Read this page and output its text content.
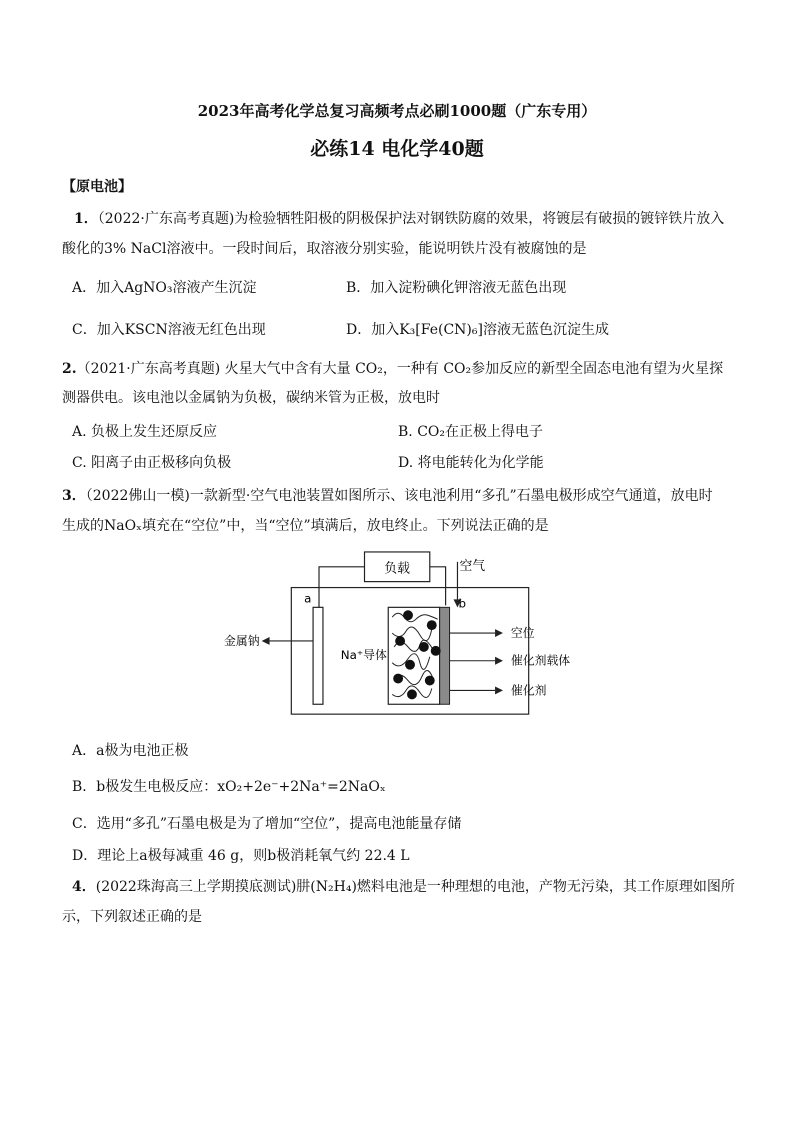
2023年高考化学总复习高频考点必刷1000题（广东专用）
必练14 电化学40题
【原电池】
1．（2022·广东高考真题)为检验牺牲阳极的阴极保护法对钢铁防腐的效果，将镀层有破损的镀锌铁片放入
酸化的3% NaCl溶液中。一段时间后，取溶液分别实验，能说明铁片没有被腐蚀的是
A．加入AgNO₃溶液产生沉淀	B．加入淀粉碘化钾溶液无蓝色出现
C．加入KSCN溶液无红色出现	D．加入K₃[Fe(CN)₆]溶液无蓝色沉淀生成
2.（2021·广东高考真题) 火星大气中含有大量 CO₂，一种有 CO₂参加反应的新型全固态电池有望为火星探
测器供电。该电池以金属钠为负极，碳纳米管为正极，放电时
A. 负极上发生还原反应	B. CO₂在正极上得电子
C. 阳离子由正极移向负极	D. 将电能转化为化学能
3．（2022佛山一模)一款新型·空气电池装置如图所示、该电池利用“多孔”石墨电极形成空气通道，放电时
生成的NaOₓ填充在“空位”中，当“空位”填满后，放电终止。下列说法正确的是
负载	空气
a	b
金属钠
Na⁺导体
空位
催化剂载体
催化剂
A．a极为电池正极
B．b极发生电极反应：xO₂+2e⁻+2Na⁺=2NaOₓ
C．选用“多孔”石墨电极是为了增加“空位”，提高电池能量存储
D．理论上a极每减重 46 g，则b极消耗氧气约 22.4 L
4．(2022珠海高三上学期摸底测试)肼(N₂H₄)燃料电池是一种理想的电池，产物无污染，其工作原理如图所
示，下列叙述正确的是
